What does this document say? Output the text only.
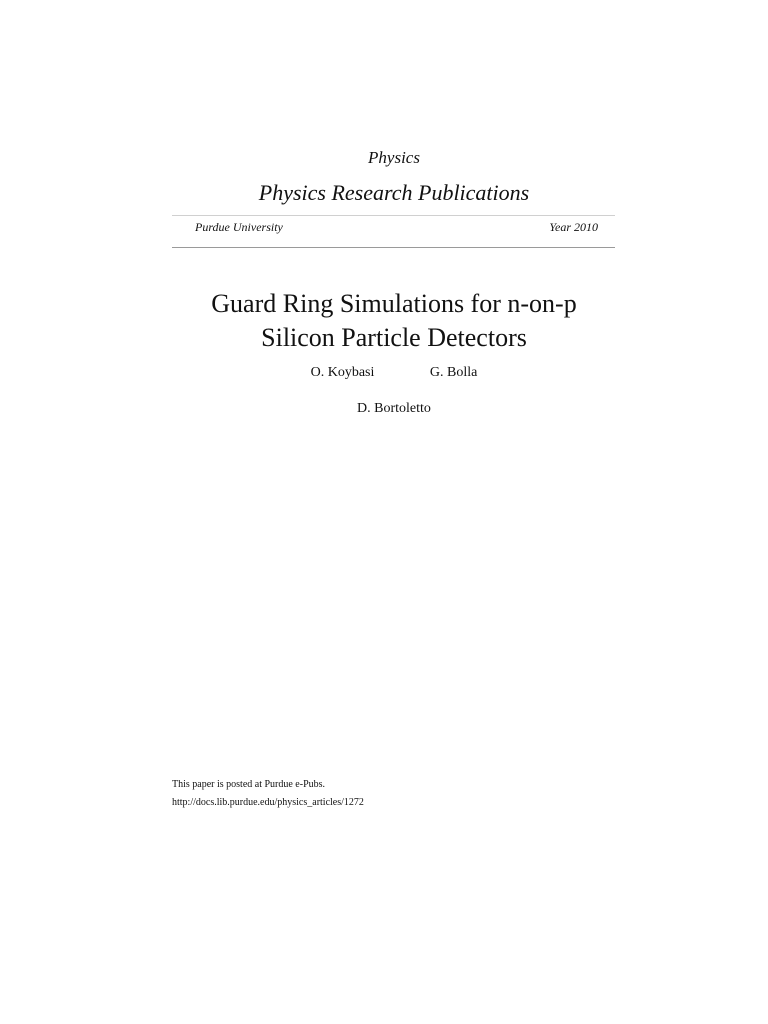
Physics
Physics Research Publications
Purdue University	Year 2010
Guard Ring Simulations for n-on-p
Silicon Particle Detectors
O. Koybasi	G. Bolla
D. Bortoletto
This paper is posted at Purdue e-Pubs.
http://docs.lib.purdue.edu/physics_articles/1272
